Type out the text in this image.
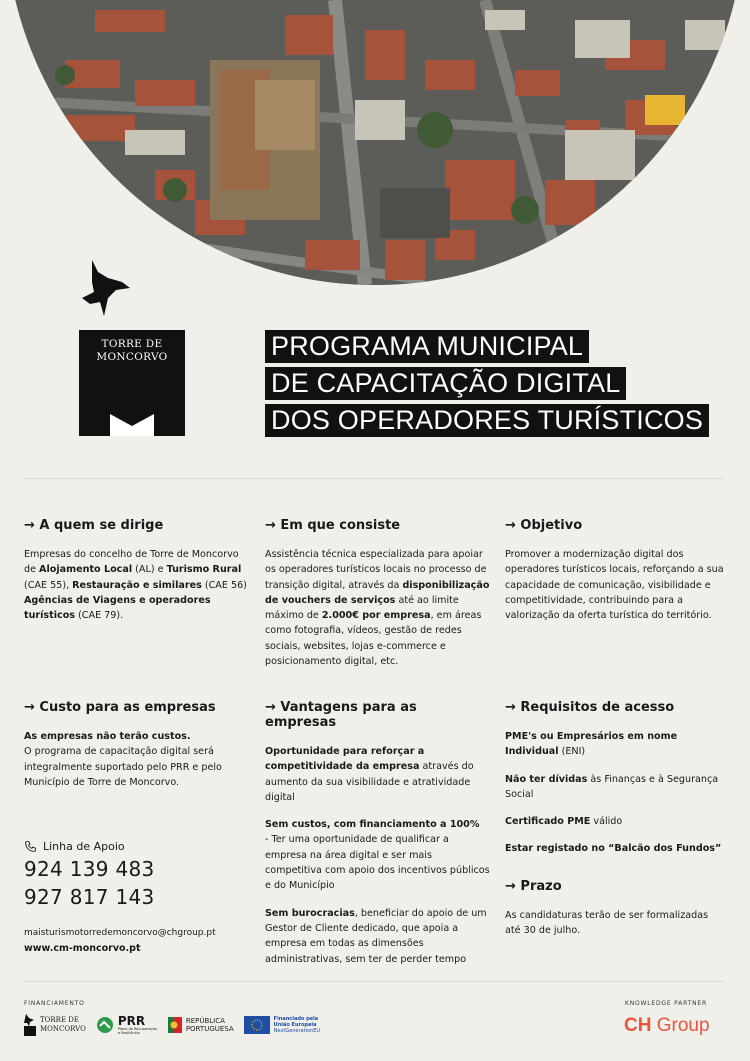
TORRE DE
MONCORVO	PROGRAMA MUNICIPAL
DE CAPACITAÇÃO DIGITAL
DOS OPERADORES TURÍSTICOS
→ A quem se dirige

Empresas do concelho de Torre de Moncorvo de Alojamento Local (AL) e Turismo Rural (CAE 55), Restauração e similares (CAE 56) Agências de Viagens e operadores turísticos (CAE 79).

→ Em que consiste

Assistência técnica especializada para apoiar os operadores turísticos locais no processo de transição digital, através da disponibilização de vouchers de serviços até ao limite máximo de 2.000€ por empresa, em áreas como fotografia, vídeos, gestão de redes sociais, websites, lojas e-commerce e posicionamento digital, etc.

→ Objetivo

Promover a modernização digital dos operadores turísticos locais, reforçando a sua capacidade de comunicação, visibilidade e competitividade, contribuindo para a valorização da oferta turística do território.

→ Custo para as empresas

As empresas não terão custos.
O programa de capacitação digital será integralmente suportado pelo PRR e pelo Município de Torre de Moncorvo.

→ Vantagens para as empresas

Oportunidade para reforçar a competitividade da empresa através do aumento da sua visibilidade e atratividade digital

Sem custos, com financiamento a 100%
- Ter uma oportunidade de qualificar a empresa na área digital e ser mais competitiva com apoio dos incentivos públicos e do Município

Sem burocracias, beneficiar do apoio de um Gestor de Cliente dedicado, que apoia a empresa em todas as dimensões administrativas, sem ter de perder tempo

→ Requisitos de acesso

PME's ou Empresários em nome Individual (ENI)

Não ter dívidas às Finanças e à Segurança Social

Certificado PME válido

Estar registado no “Balcão dos Fundos”

→ Prazo

As candidaturas terão de ser formalizadas até 30 de julho.

Linha de Apoio
924 139 483
927 817 143
maisturismotorredemoncorvo@chgroup.pt
www.cm-moncorvo.pt
FINANCIAMENTO	KNOWLEDGE PARTNER
TORRE DE
MONCORVO
PRR
Plano de Recuperação e Resiliência
REPÚBLICA
PORTUGUESA
Financiado pela
União Europeia
NextGenerationEU	CH Group
